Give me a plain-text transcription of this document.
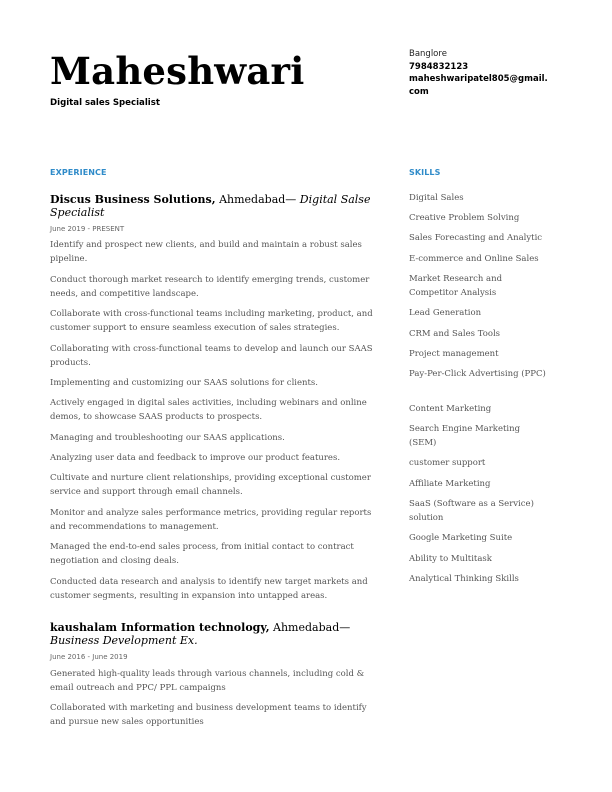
Maheshwari
Digital sales Specialist
Banglore
7984832123
maheshwaripatel805@gmail.com
EXPERIENCE
Discus Business Solutions, Ahmedabad— Digital Salse Specialist
June 2019 - PRESENT
Identify and prospect new clients, and build and maintain a robust sales pipeline.
Conduct thorough market research to identify emerging trends, customer needs, and competitive landscape.
Collaborate with cross-functional teams including marketing, product, and customer support to ensure seamless execution of sales strategies.
Collaborating with cross-functional teams to develop and launch our SAAS products.
Implementing and customizing our SAAS solutions for clients.
Actively engaged in digital sales activities, including webinars and online demos, to showcase SAAS products to prospects.
Managing and troubleshooting our SAAS applications.
Analyzing user data and feedback to improve our product features.
Cultivate and nurture client relationships, providing exceptional customer service and support through email channels.
Monitor and analyze sales performance metrics, providing regular reports and recommendations to management.
Managed the end-to-end sales process, from initial contact to contract negotiation and closing deals.
Conducted data research and analysis to identify new target markets and customer segments, resulting in expansion into untapped areas.
kaushalam Information technology, Ahmedabad— Business Development Ex.
June 2016 - June 2019
Generated high-quality leads through various channels, including cold & email outreach and PPC/ PPL campaigns
Collaborated with marketing and business development teams to identify and pursue new sales opportunities
SKILLS
Digital Sales
Creative Problem Solving
Sales Forecasting and Analytic
E-commerce and Online Sales
Market Research and Competitor Analysis
Lead Generation
CRM and Sales Tools
Project management
Pay-Per-Click Advertising (PPC)
Content Marketing
Search Engine Marketing (SEM)
customer support
Affiliate Marketing
SaaS (Software as a Service) solution
Google Marketing Suite
Ability to Multitask
Analytical Thinking Skills
